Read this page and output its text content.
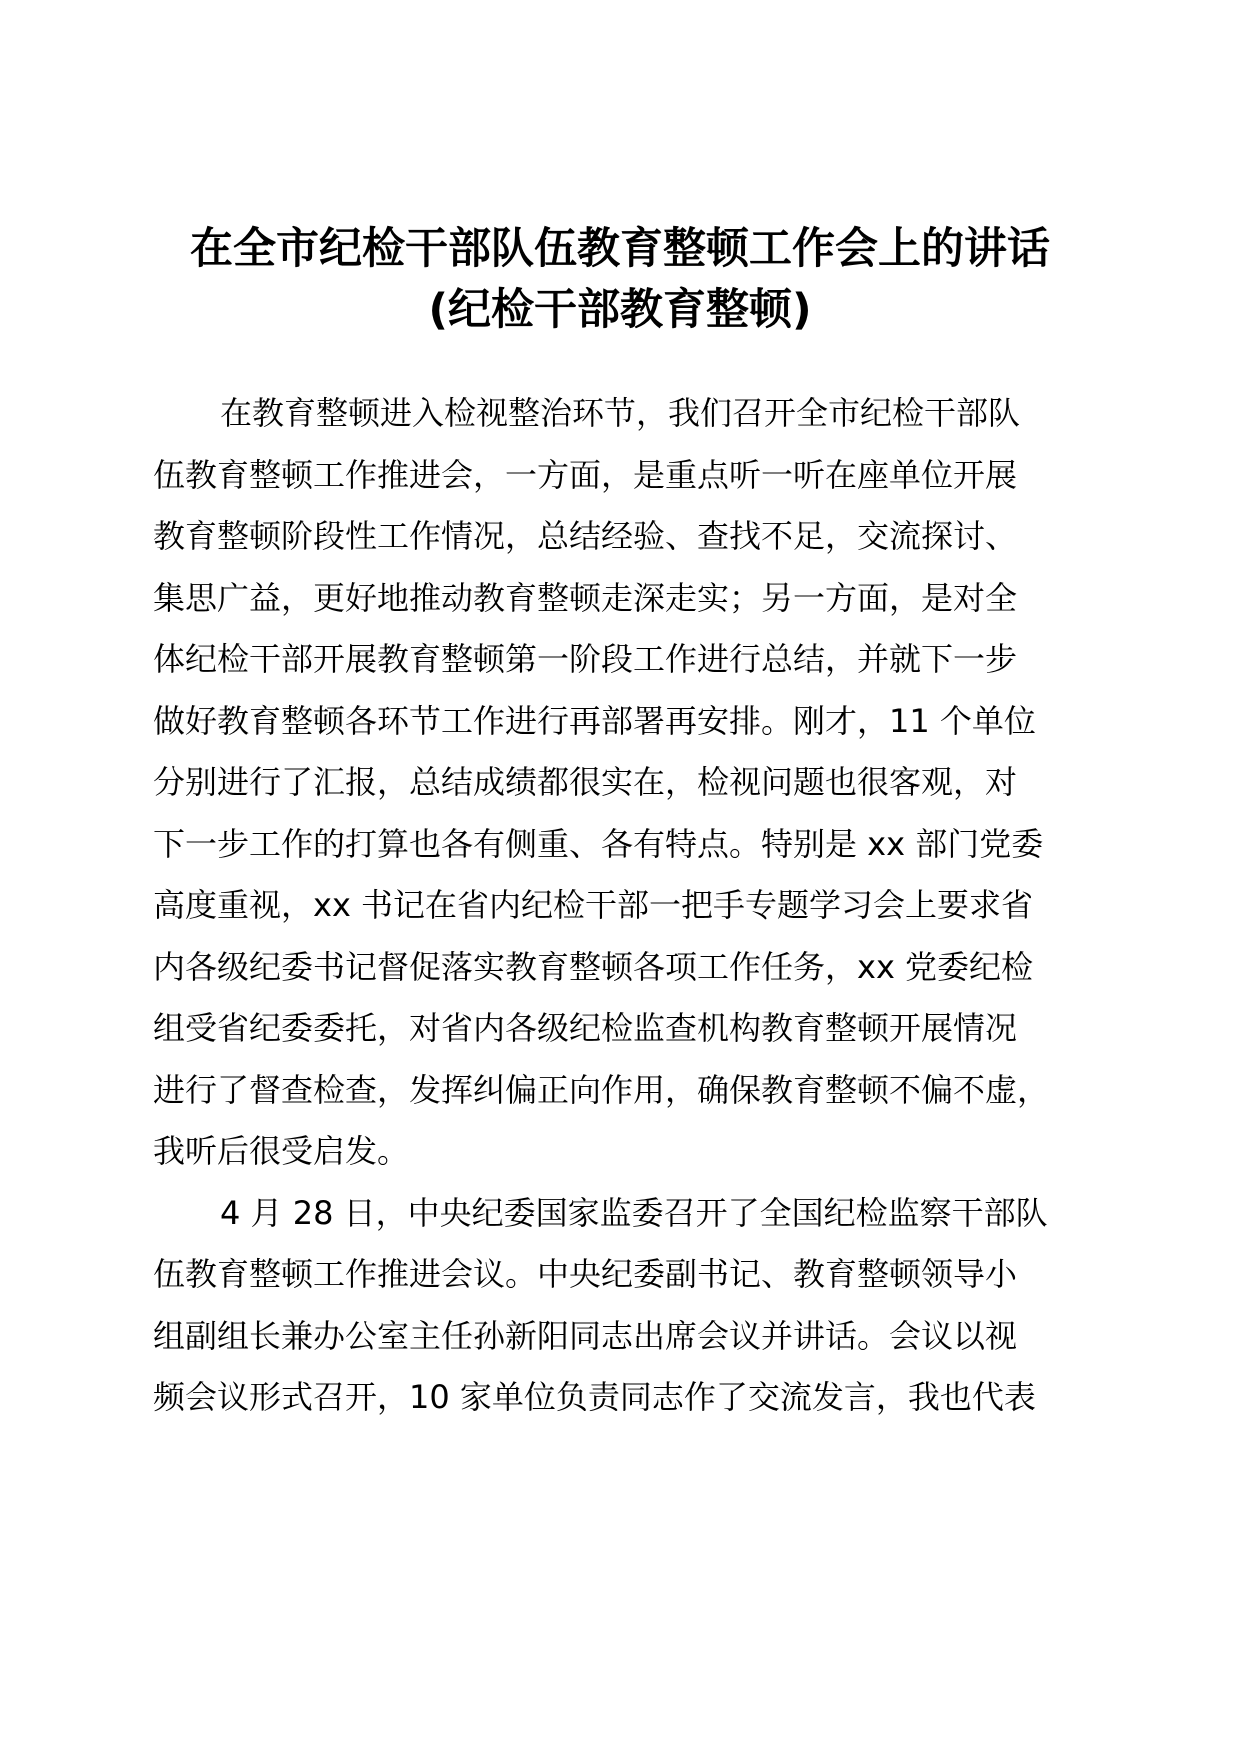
在全市纪检干部队伍教育整顿工作会上的讲话
(纪检干部教育整顿)

在教育整顿进入检视整治环节，我们召开全市纪检干部队
伍教育整顿工作推进会，一方面，是重点听一听在座单位开展
教育整顿阶段性工作情况，总结经验、查找不足，交流探讨、
集思广益，更好地推动教育整顿走深走实；另一方面，是对全
体纪检干部开展教育整顿第一阶段工作进行总结，并就下一步
做好教育整顿各环节工作进行再部署再安排。刚才，11 个单位
分别进行了汇报，总结成绩都很实在，检视问题也很客观，对
下一步工作的打算也各有侧重、各有特点。特别是 xx 部门党委
高度重视，xx 书记在省内纪检干部一把手专题学习会上要求省
内各级纪委书记督促落实教育整顿各项工作任务，xx 党委纪检
组受省纪委委托，对省内各级纪检监查机构教育整顿开展情况
进行了督查检查，发挥纠偏正向作用，确保教育整顿不偏不虚，
我听后很受启发。

4 月 28 日，中央纪委国家监委召开了全国纪检监察干部队
伍教育整顿工作推进会议。中央纪委副书记、教育整顿领导小
组副组长兼办公室主任孙新阳同志出席会议并讲话。会议以视
频会议形式召开，10 家单位负责同志作了交流发言，我也代表
